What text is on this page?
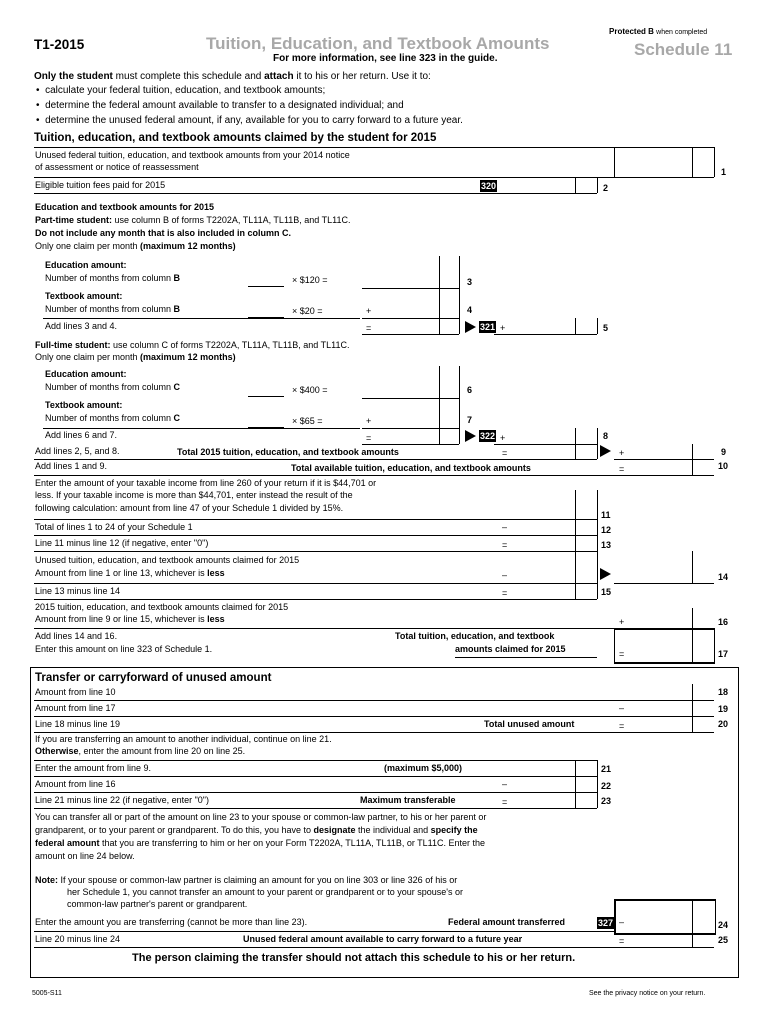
T1-2015	Tuition, Education, and Textbook Amounts
For more information, see line 323 in the guide.
Protected B when completed
Schedule 11
Only the student must complete this schedule and attach it to his or her return. Use it to:
•  calculate your federal tuition, education, and textbook amounts;
•  determine the federal amount available to transfer to a designated individual; and
•  determine the unused federal amount, if any, available for you to carry forward to a future year.
Tuition, education, and textbook amounts claimed by the student for 2015
Unused federal tuition, education, and textbook amounts from your 2014 notice
of assessment or notice of reassessment	1
Eligible tuition fees paid for 2015	320	2
Education and textbook amounts for 2015
Part-time student: use column B of forms T2202A, TL11A, TL11B, and TL11C.
Do not include any month that is also included in column C.
Only one claim per month (maximum 12 months)
Education amount:
Number of months from column B	× $120 =	3
Textbook amount:
Number of months from column B	× $20 =	+	4
Add lines 3 and 4.	=	321 +	5
Full-time student: use column C of forms T2202A, TL11A, TL11B, and TL11C.
Only one claim per month (maximum 12 months)
Education amount:
Number of months from column C	× $400 =	6
Textbook amount:
Number of months from column C	× $65 =	+	7
Add lines 6 and 7.	=	322 +	8
Add lines 2, 5, and 8.	Total 2015 tuition, education, and textbook amounts	=	+	9
Add lines 1 and 9.	Total available tuition, education, and textbook amounts	=	10
Enter the amount of your taxable income from line 260 of your return if it is $44,701 or
less. If your taxable income is more than $44,701, enter instead the result of the
following calculation: amount from line 47 of your Schedule 1 divided by 15%.
11
Total of lines 1 to 24 of your Schedule 1	–	12
Line 11 minus line 12 (if negative, enter "0")	=	13
Unused tuition, education, and textbook amounts claimed for 2015
Amount from line 1 or line 13, whichever is less	–	14
Line 13 minus line 14	=	15
2015 tuition, education, and textbook amounts claimed for 2015
Amount from line 9 or line 15, whichever is less	+	16
Add lines 14 and 16.
Enter this amount on line 323 of Schedule 1.
Total tuition, education, and textbook
amounts claimed for 2015	=	17
Transfer or carryforward of unused amount
Amount from line 10	18
Amount from line 17	–	19
Line 18 minus line 19	Total unused amount	=	20
If you are transferring an amount to another individual, continue on line 21.
Otherwise, enter the amount from line 20 on line 25.
Enter the amount from line 9.	(maximum $5,000)	21
Amount from line 16	–	22
Line 21 minus line 22 (if negative, enter "0")	Maximum transferable	=	23
You can transfer all or part of the amount on line 23 to your spouse or common-law partner, to his or her parent or
grandparent, or to your parent or grandparent. To do this, you have to designate the individual and specify the
federal amount that you are transferring to him or her on your Form T2202A, TL11A, TL11B, or TL11C. Enter the
amount on line 24 below.
Note: If your spouse or common-law partner is claiming an amount for you on line 303 or line 326 of his or
her Schedule 1, you cannot transfer an amount to your parent or grandparent or to your spouse's or
common-law partner's parent or grandparent.
Enter the amount you are transferring (cannot be more than line 23).	Federal amount transferred	327 –	24
Line 20 minus line 24	Unused federal amount available to carry forward to a future year	=	25
The person claiming the transfer should not attach this schedule to his or her return.
5005-S11	See the privacy notice on your return.
